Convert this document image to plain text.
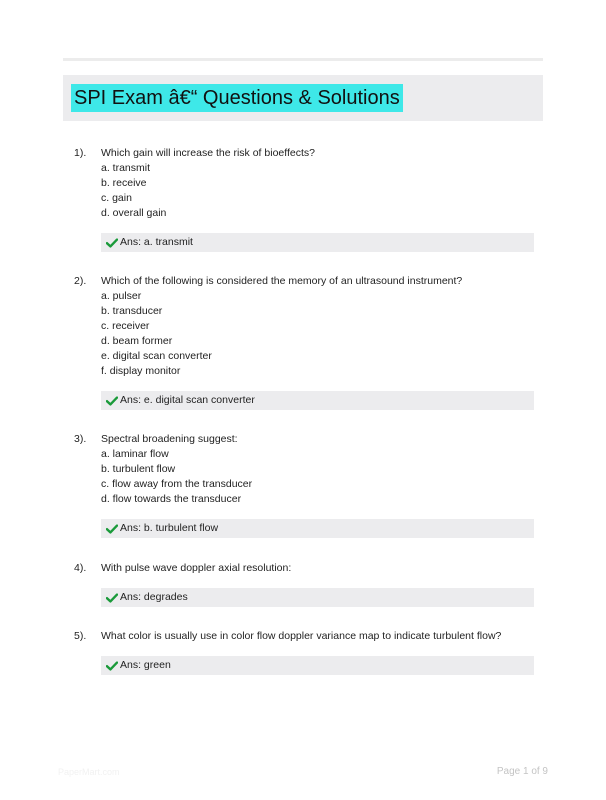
SPI Exam â€“ Questions & Solutions
1). Which gain will increase the risk of bioeffects?
a. transmit
b. receive
c. gain
d. overall gain
Ans: a. transmit
2). Which of the following is considered the memory of an ultrasound instrument?
a. pulser
b. transducer
c. receiver
d. beam former
e. digital scan converter
f. display monitor
Ans: e. digital scan converter
3). Spectral broadening suggest:
a. laminar flow
b. turbulent flow
c. flow away from the transducer
d. flow towards the transducer
Ans: b. turbulent flow
4). With pulse wave doppler axial resolution:
Ans: degrades
5). What color is usually use in color flow doppler variance map to indicate turbulent flow?
Ans: green
PaperMart.com	Page 1 of 9
